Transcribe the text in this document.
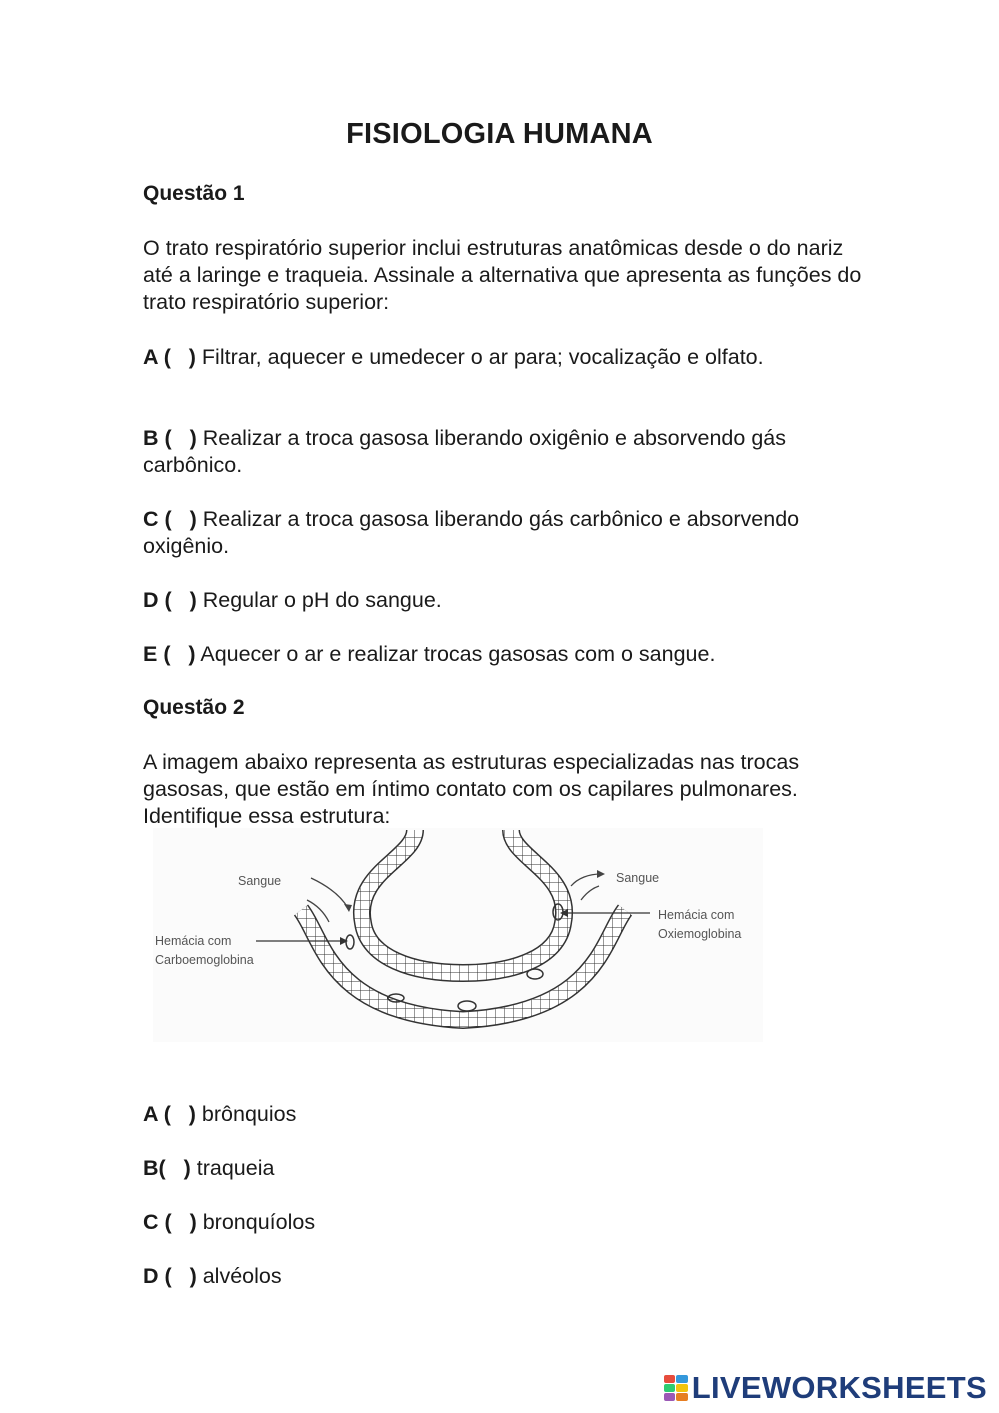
FISIOLOGIA HUMANA
Questão 1
O trato respiratório superior inclui estruturas anatômicas desde o do nariz até a laringe e traqueia. Assinale a alternativa que apresenta as funções do trato respiratório superior:
A (   ) Filtrar, aquecer e umedecer o ar para; vocalização e olfato.
B (   ) Realizar a troca gasosa liberando oxigênio e absorvendo gás carbônico.
C (   ) Realizar a troca gasosa liberando gás carbônico e absorvendo oxigênio.
D (   ) Regular o pH do sangue.
E (   ) Aquecer o ar e realizar trocas gasosas com o sangue.
Questão 2
A imagem abaixo representa as estruturas especializadas nas trocas gasosas, que estão em íntimo contato com os capilares pulmonares. Identifique essa estrutura:
Sangue	Sangue
Hemácia com
Carboemoglobina
Hemácia com
Oxiemoglobina
A (   ) brônquios
B(   ) traqueia
C (   ) bronquíolos
D (   ) alvéolos
LIVEWORKSHEETS
